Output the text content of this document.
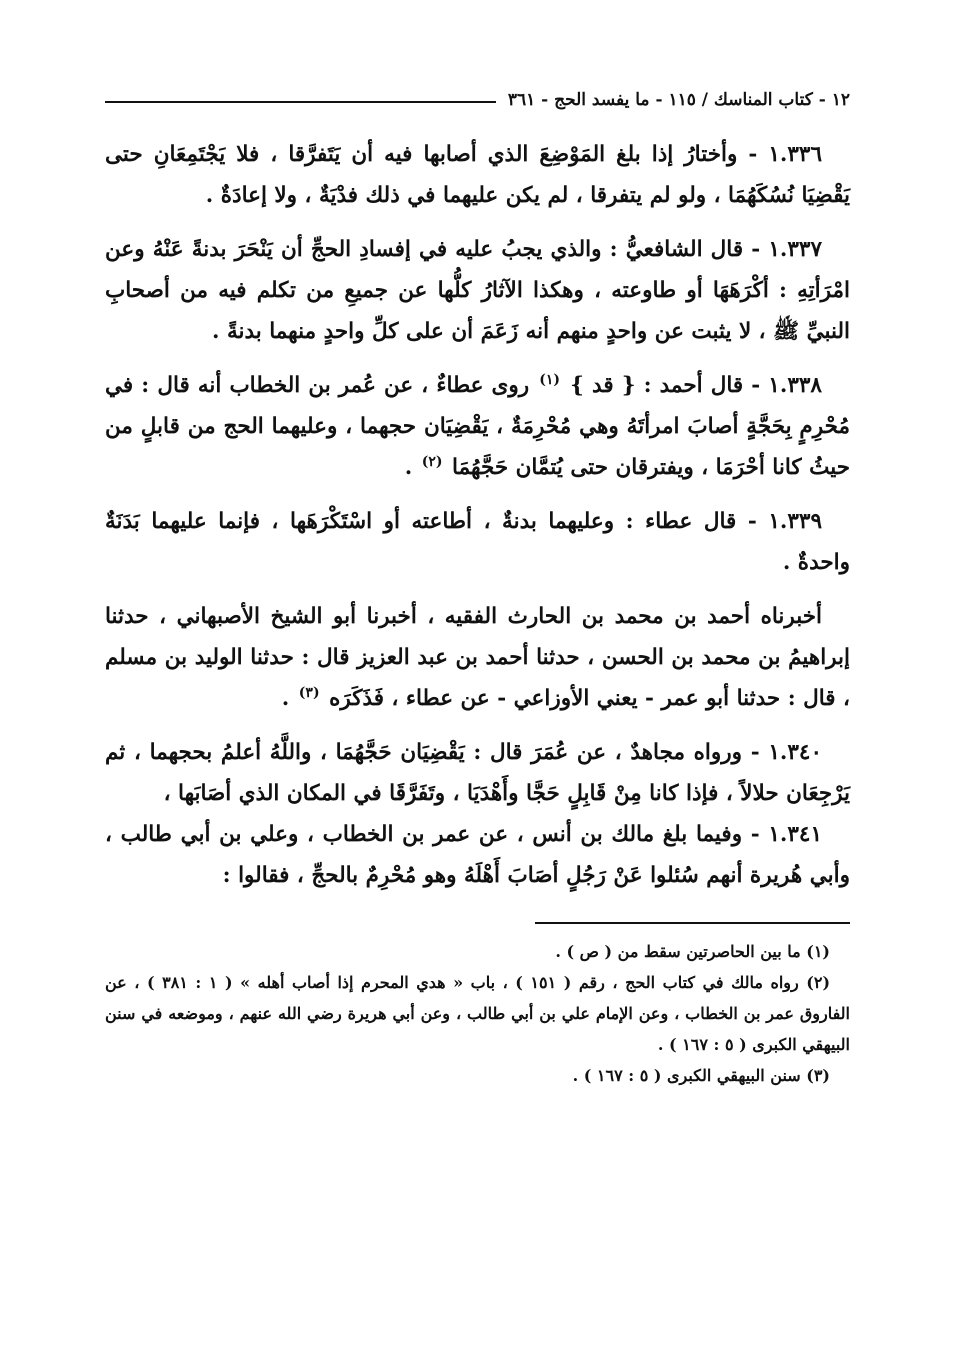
١٢ - كتاب المناسك / ١١٥ - ما يفسد الحج - ٣٦١

١.٣٣٦ - وأختارُ إذا بلغ المَوْضِعَ الذي أصابها فيه أن يَتَفرَّقا ، فلا يَجْتَمِعَانِ حتى يَقْضِيَا نُسُكَهُمَا ، ولو لم يتفرقا ، لم يكن عليهما في ذلك فدْيَةٌ ، ولا إعادَةٌ .

١.٣٣٧ - قال الشافعيُّ : والذي يجبُ عليه في إفسادِ الحجِّ أن يَنْحَرَ بدنةً عَنْهُ وعن امْرَأتِهِ : أكْرَهَهَا أو طاوعته ، وهكذا الآثارُ كلُّها عن جميعِ من تكلم فيه من أصحابِ النبيِّ ﷺ ، لا يثبت عن واحدٍ منهم أنه زَعَمَ أن على كلِّ واحدٍ منهما بدنةً .

١.٣٣٨ - قال أحمد : { قد } $^{(١)}$ روى عطاءٌ ، عن عُمر بن الخطاب أنه قال : في مُحْرِمٍ بِحَجَّةٍ أصابَ امرأتَهُ وهي مُحْرِمَةٌ ، يَقْضِيَان حجهما ، وعليهما الحج من قابلٍ من حيثُ كانا أحْرَمَا ، ويفترقان حتى يُتمَّان حَجَّهُمَا $^{(٢)}$ .

١.٣٣٩ - قال عطاء : وعليهما بدنةٌ ، أطاعته أو اسْتَكْرَهَها ، فإنما عليهما بَدَنَةٌ واحدةٌ .

أخبرناه أحمد بن محمد بن الحارث الفقيه ، أخبرنا أبو الشيخ الأصبهاني ، حدثنا إبراهيمُ بن محمد بن الحسن ، حدثنا أحمد بن عبد العزيز قال : حدثنا الوليد بن مسلم ، قال : حدثنا أبو عمر - يعني الأوزاعي - عن عطاء ، فَذَكَرَه $^{(٣)}$ .

١.٣٤٠ - ورواه مجاهدٌ ، عن عُمَرَ قال : يَقْضِيَان حَجَّهُمَا ، واللَّهُ أعلمُ بحجهما ، ثم يَرْجِعَان حلالاً ، فإذا كانا مِنْ قَابِلٍ حَجَّا وأَهْدَيَا ، وتَفَرَّقَا في المكان الذي أصَابَها ،

١.٣٤١ - وفيما بلغ مالك بن أنس ، عن عمر بن الخطاب ، وعلي بن أبي طالب ، وأبي هُريرة أنهم سُئلوا عَنْ رَجُلٍ أصَابَ أَهْلَهُ وهو مُحْرِمٌ بالحجِّ ، فقالوا :

(١) ما بين الحاصرتين سقط من ( ص ) .

(٢) رواه مالك في كتاب الحج ، رقم ( ١٥١ ) ، باب « هدي المحرم إذا أصاب أهله » ( ١ : ٣٨١ ) ، عن الفاروق عمر بن الخطاب ، وعن الإمام علي بن أبي طالب ، وعن أبي هريرة رضي الله عنهم ، وموضعه في سنن البيهقي الكبرى ( ٥ : ١٦٧ ) .

(٣) سنن البيهقي الكبرى ( ٥ : ١٦٧ ) .
